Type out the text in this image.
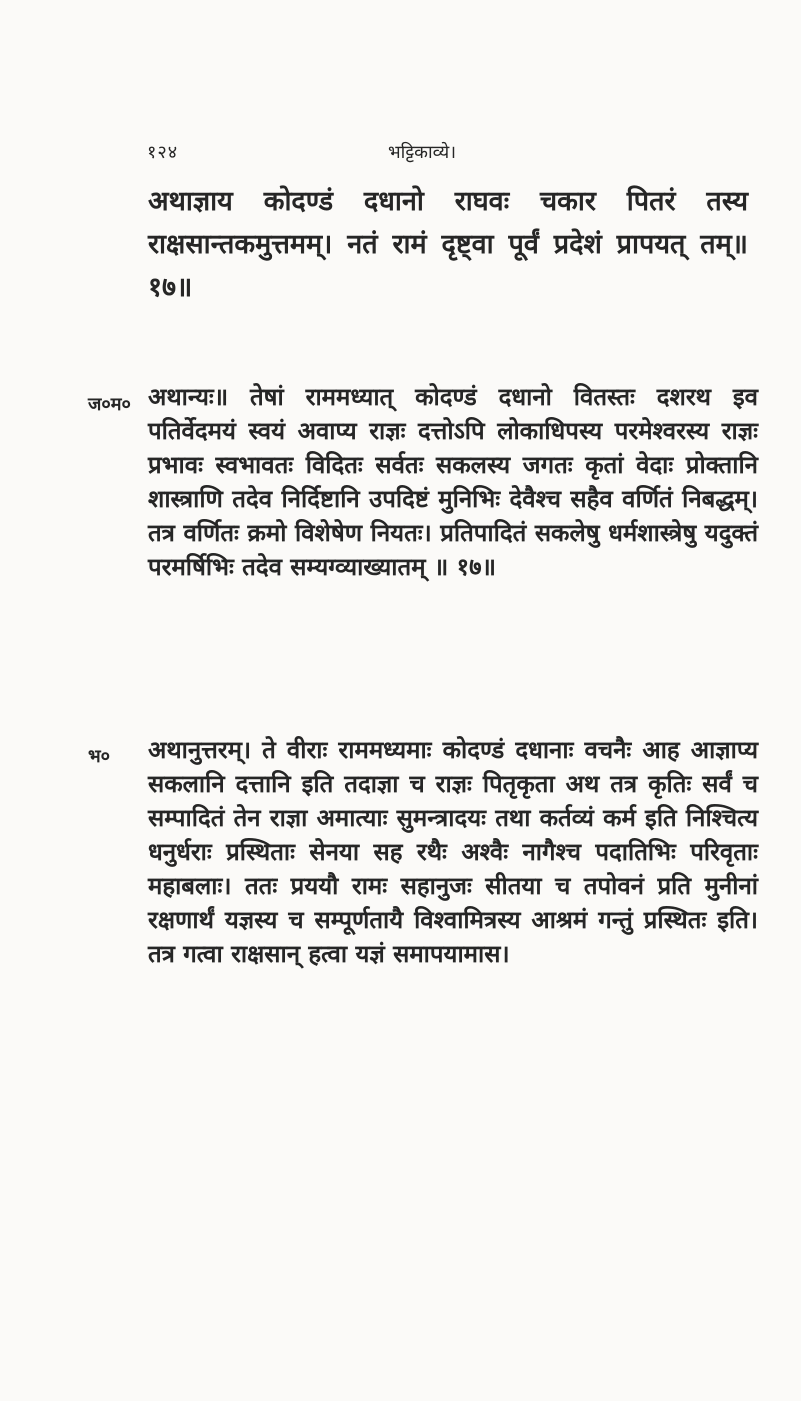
१२४	भट्टिकाव्ये।

अथाज्ञाय कोदण्डं दधानो राघवः चकार पितरं तस्य राक्षसान्तकमुत्तमम्। नतं रामं दृष्ट्वा पूर्वं प्रदेशं प्रापयत् तम्॥ १७॥

ज०म० अथान्यः॥ तेषां राममध्यात् कोदण्डं दधानो वितस्तः दशरथ इव पतिर्वेदमयं स्वयं अवाप्य राज्ञः दत्तोऽपि लोकाधिपस्य परमेश्वरस्य राज्ञः प्रभावः स्वभावतः विदितः सर्वतः सकलस्य जगतः कृतां वेदाः प्रोक्तानि शास्त्राणि तदेव निर्दिष्टानि उपदिष्टं मुनिभिः देवैश्च सहैव वर्णितं निबद्धम्। तत्र वर्णितः क्रमो विशेषेण नियतः। प्रतिपादितं सकलेषु धर्मशास्त्रेषु यदुक्तं परमर्षिभिः तदेव सम्यग्व्याख्यातम् ॥ १७॥

भ० अथानुत्तरम्। ते वीराः राममध्यमाः कोदण्डं दधानाः वचनैः आह आज्ञाप्य सकलानि दत्तानि इति तदाज्ञा च राज्ञः पितृकृता अथ तत्र कृतिः सर्वं च सम्पादितं तेन राज्ञा अमात्याः सुमन्त्रादयः तथा कर्तव्यं कर्म इति निश्चित्य धनुर्धराः प्रस्थिताः सेनया सह रथैः अश्वैः नागैश्च पदातिभिः परिवृताः महाबलाः। ततः प्रययौ रामः सहानुजः सीतया च तपोवनं प्रति मुनीनां रक्षणार्थं यज्ञस्य च सम्पूर्णतायै विश्वामित्रस्य आश्रमं गन्तुं प्रस्थितः इति। तत्र गत्वा राक्षसान् हत्वा यज्ञं समापयामास।
